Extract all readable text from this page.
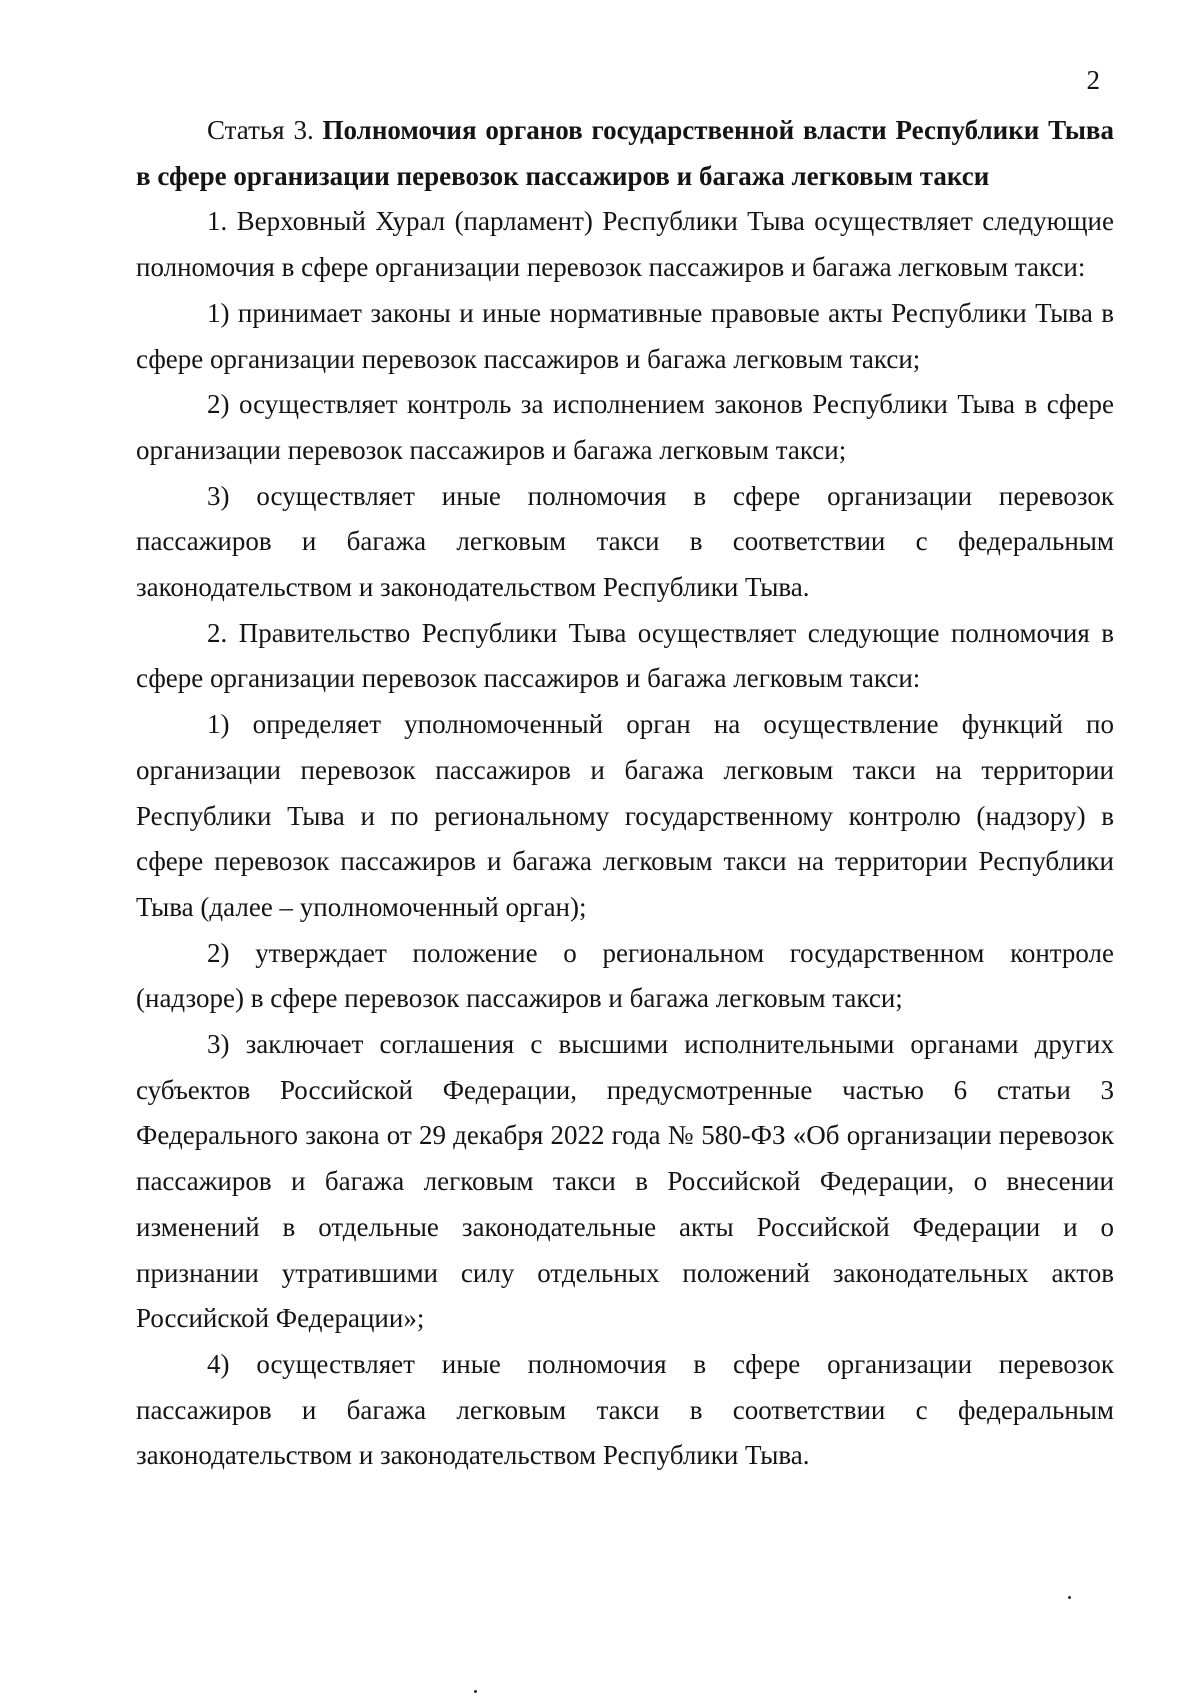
2

Статья 3. Полномочия органов государственной власти Республики Тыва в сфере организации перевозок пассажиров и багажа легковым такси

1. Верховный Хурал (парламент) Республики Тыва осуществляет следующие полномочия в сфере организации перевозок пассажиров и багажа легковым такси:

1) принимает законы и иные нормативные правовые акты Республики Тыва в сфере организации перевозок пассажиров и багажа легковым такси;

2) осуществляет контроль за исполнением законов Республики Тыва в сфере организации перевозок пассажиров и багажа легковым такси;

3) осуществляет иные полномочия в сфере организации перевозок пассажиров и багажа легковым такси в соответствии с федеральным законодательством и законодательством Республики Тыва.

2. Правительство Республики Тыва осуществляет следующие полномочия в сфере организации перевозок пассажиров и багажа легковым такси:

1) определяет уполномоченный орган на осуществление функций по организации перевозок пассажиров и багажа легковым такси на территории Республики Тыва и по региональному государственному контролю (надзору) в сфере перевозок пассажиров и багажа легковым такси на территории Республики Тыва (далее – уполномоченный орган);

2) утверждает положение о региональном государственном контроле (надзоре) в сфере перевозок пассажиров и багажа легковым такси;

3) заключает соглашения с высшими исполнительными органами других субъектов Российской Федерации, предусмотренные частью 6 статьи 3 Федерального закона от 29 декабря 2022 года № 580-ФЗ «Об организации перевозок пассажиров и багажа легковым такси в Российской Федерации, о внесении изменений в отдельные законодательные акты Российской Федерации и о признании утратившими силу отдельных положений законодательных актов Российской Федерации»;

4) осуществляет иные полномочия в сфере организации перевозок пассажиров и багажа легковым такси в соответствии с федеральным законодательством и законодательством Республики Тыва.
